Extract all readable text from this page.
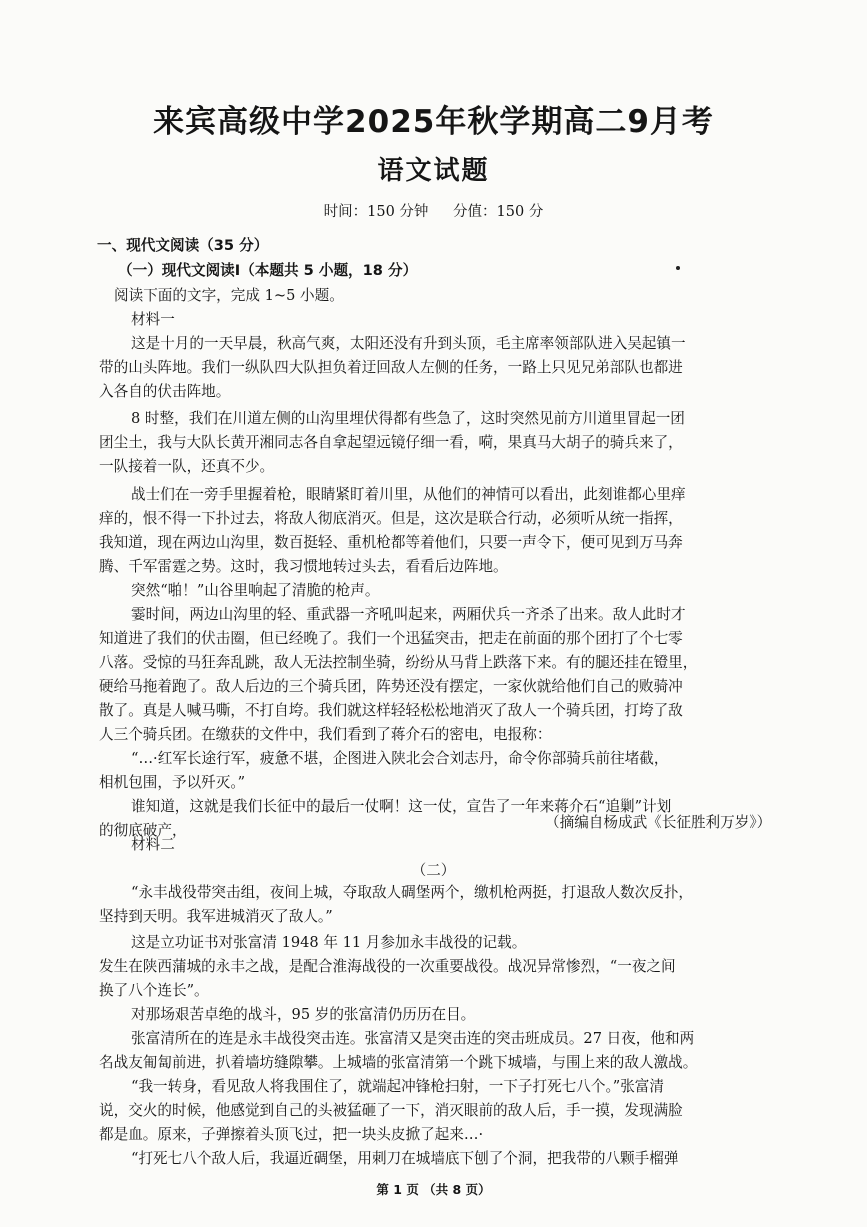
来宾高级中学2025年秋学期高二9月考
语文试题
时间：150 分钟 分值：150 分
一、现代文阅读（35 分）
（一）现代文阅读Ⅰ（本题共 5 小题，18 分）
阅读下面的文字，完成 1~5 小题。
材料一
这是十月的一天早晨，秋高气爽，太阳还没有升到头顶，毛主席率领部队进入吴起镇一
带的山头阵地。我们一纵队四大队担负着迂回敌人左侧的任务，一路上只见兄弟部队也都进
入各自的伏击阵地。
8 时整，我们在川道左侧的山沟里埋伏得都有些急了，这时突然见前方川道里冒起一团
团尘土，我与大队长黄开湘同志各自拿起望远镜仔细一看，嗬，果真马大胡子的骑兵来了，
一队接着一队，还真不少。
战士们在一旁手里握着枪，眼睛紧盯着川里，从他们的神情可以看出，此刻谁都心里痒
痒的，恨不得一下扑过去，将敌人彻底消灭。但是，这次是联合行动，必须听从统一指挥，
我知道，现在两边山沟里，数百挺轻、重机枪都等着他们，只要一声令下，便可见到万马奔
腾、千军雷霆之势。这时，我习惯地转过头去，看看后边阵地。
突然“啪！”山谷里响起了清脆的枪声。
霎时间，两边山沟里的轻、重武器一齐吼叫起来，两厢伏兵一齐杀了出来。敌人此时才
知道进了我们的伏击圈，但已经晚了。我们一个迅猛突击，把走在前面的那个团打了个七零
八落。受惊的马狂奔乱跳，敌人无法控制坐骑，纷纷从马背上跌落下来。有的腿还挂在镫里，
硬给马拖着跑了。敌人后边的三个骑兵团，阵势还没有摆定，一家伙就给他们自己的败骑冲
散了。真是人喊马嘶，不打自垮。我们就这样轻轻松松地消灭了敌人一个骑兵团，打垮了敌
人三个骑兵团。在缴获的文件中，我们看到了蒋介石的密电，电报称：
“…·红军长途行军，疲惫不堪，企图进入陕北会合刘志丹，命令你部骑兵前往堵截，
相机包围，予以歼灭。”
谁知道，这就是我们长征中的最后一仗啊！这一仗，宣告了一年来蒋介石“追剿”计划
的彻底破产，	（摘编自杨成武《长征胜利万岁》）
材料二
（二）
“永丰战役带突击组，夜间上城，夺取敌人碉堡两个，缴机枪两挺，打退敌人数次反扑，
坚持到天明。我军进城消灭了敌人。”
这是立功证书对张富清 1948 年 11 月参加永丰战役的记载。
发生在陕西蒲城的永丰之战，是配合淮海战役的一次重要战役。战况异常惨烈，“一夜之间
换了八个连长”。
对那场艰苦卓绝的战斗，95 岁的张富清仍历历在目。
张富清所在的连是永丰战役突击连。张富清又是突击连的突击班成员。27 日夜，他和两
名战友匍匐前进，扒着墙坊缝隙攀。上城墙的张富清第一个跳下城墙，与围上来的敌人激战。
“我一转身，看见敌人将我围住了，就端起冲锋枪扫射，一下子打死七八个。”张富清
说，交火的时候，他感觉到自己的头被猛砸了一下，消灭眼前的敌人后，手一摸，发现满脸
都是血。原来，子弹擦着头顶飞过，把一块头皮掀了起来…·
“打死七八个敌人后，我逼近碉堡，用刺刀在城墙底下刨了个洞，把我带的八颗手榴弹
第 1 页 （共 8 页）
